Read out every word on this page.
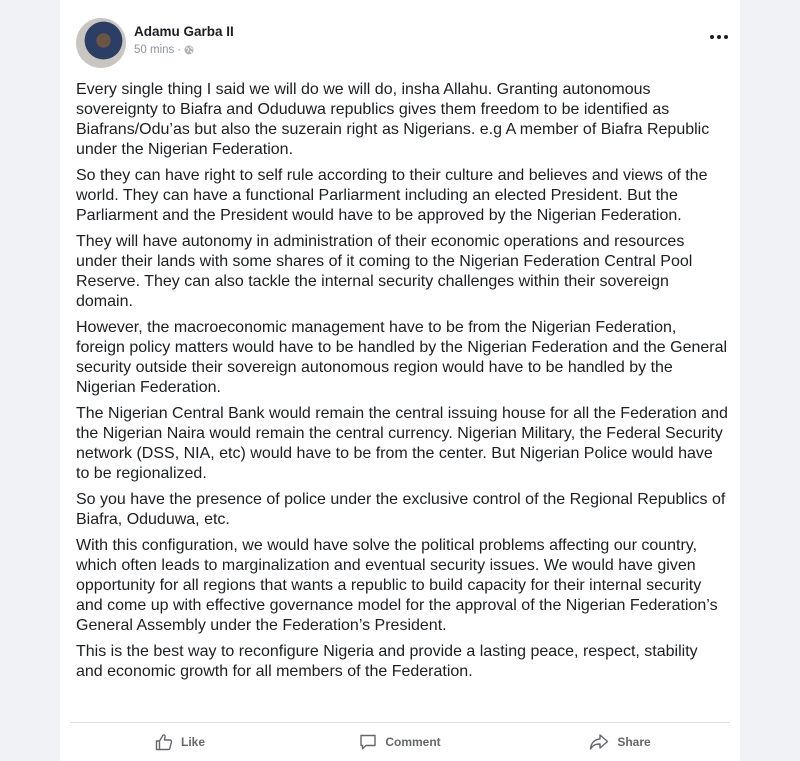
Adamu Garba II
50 mins ·

Every single thing I said we will do we will do, insha Allahu. Granting autonomous sovereignty to Biafra and Oduduwa republics gives them freedom to be identified as Biafrans/Odu’as but also the suzerain right as Nigerians. e.g A member of Biafra Republic under the Nigerian Federation.

So they can have right to self rule according to their culture and believes and views of the world. They can have a functional Parliarment including an elected President. But the Parliarment and the President would have to be approved by the Nigerian Federation.

They will have autonomy in administration of their economic operations and resources under their lands with some shares of it coming to the Nigerian Federation Central Pool Reserve. They can also tackle the internal security challenges within their sovereign domain.

However, the macroeconomic management have to be from the Nigerian Federation, foreign policy matters would have to be handled by the Nigerian Federation and the General security outside their sovereign autonomous region would have to be handled by the Nigerian Federation.

The Nigerian Central Bank would remain the central issuing house for all the Federation and the Nigerian Naira would remain the central currency. Nigerian Military, the Federal Security network (DSS, NIA, etc) would have to be from the center. But Nigerian Police would have to be regionalized.

So you have the presence of police under the exclusive control of the Regional Republics of Biafra, Oduduwa, etc.

With this configuration, we would have solve the political problems affecting our country, which often leads to marginalization and eventual security issues. We would have given opportunity for all regions that wants a republic to build capacity for their internal security and come up with effective governance model for the approval of the Nigerian Federation’s General Assembly under the Federation’s President.

This is the best way to reconfigure Nigeria and provide a lasting peace, respect, stability and economic growth for all members of the Federation.

Like	Comment	Share
